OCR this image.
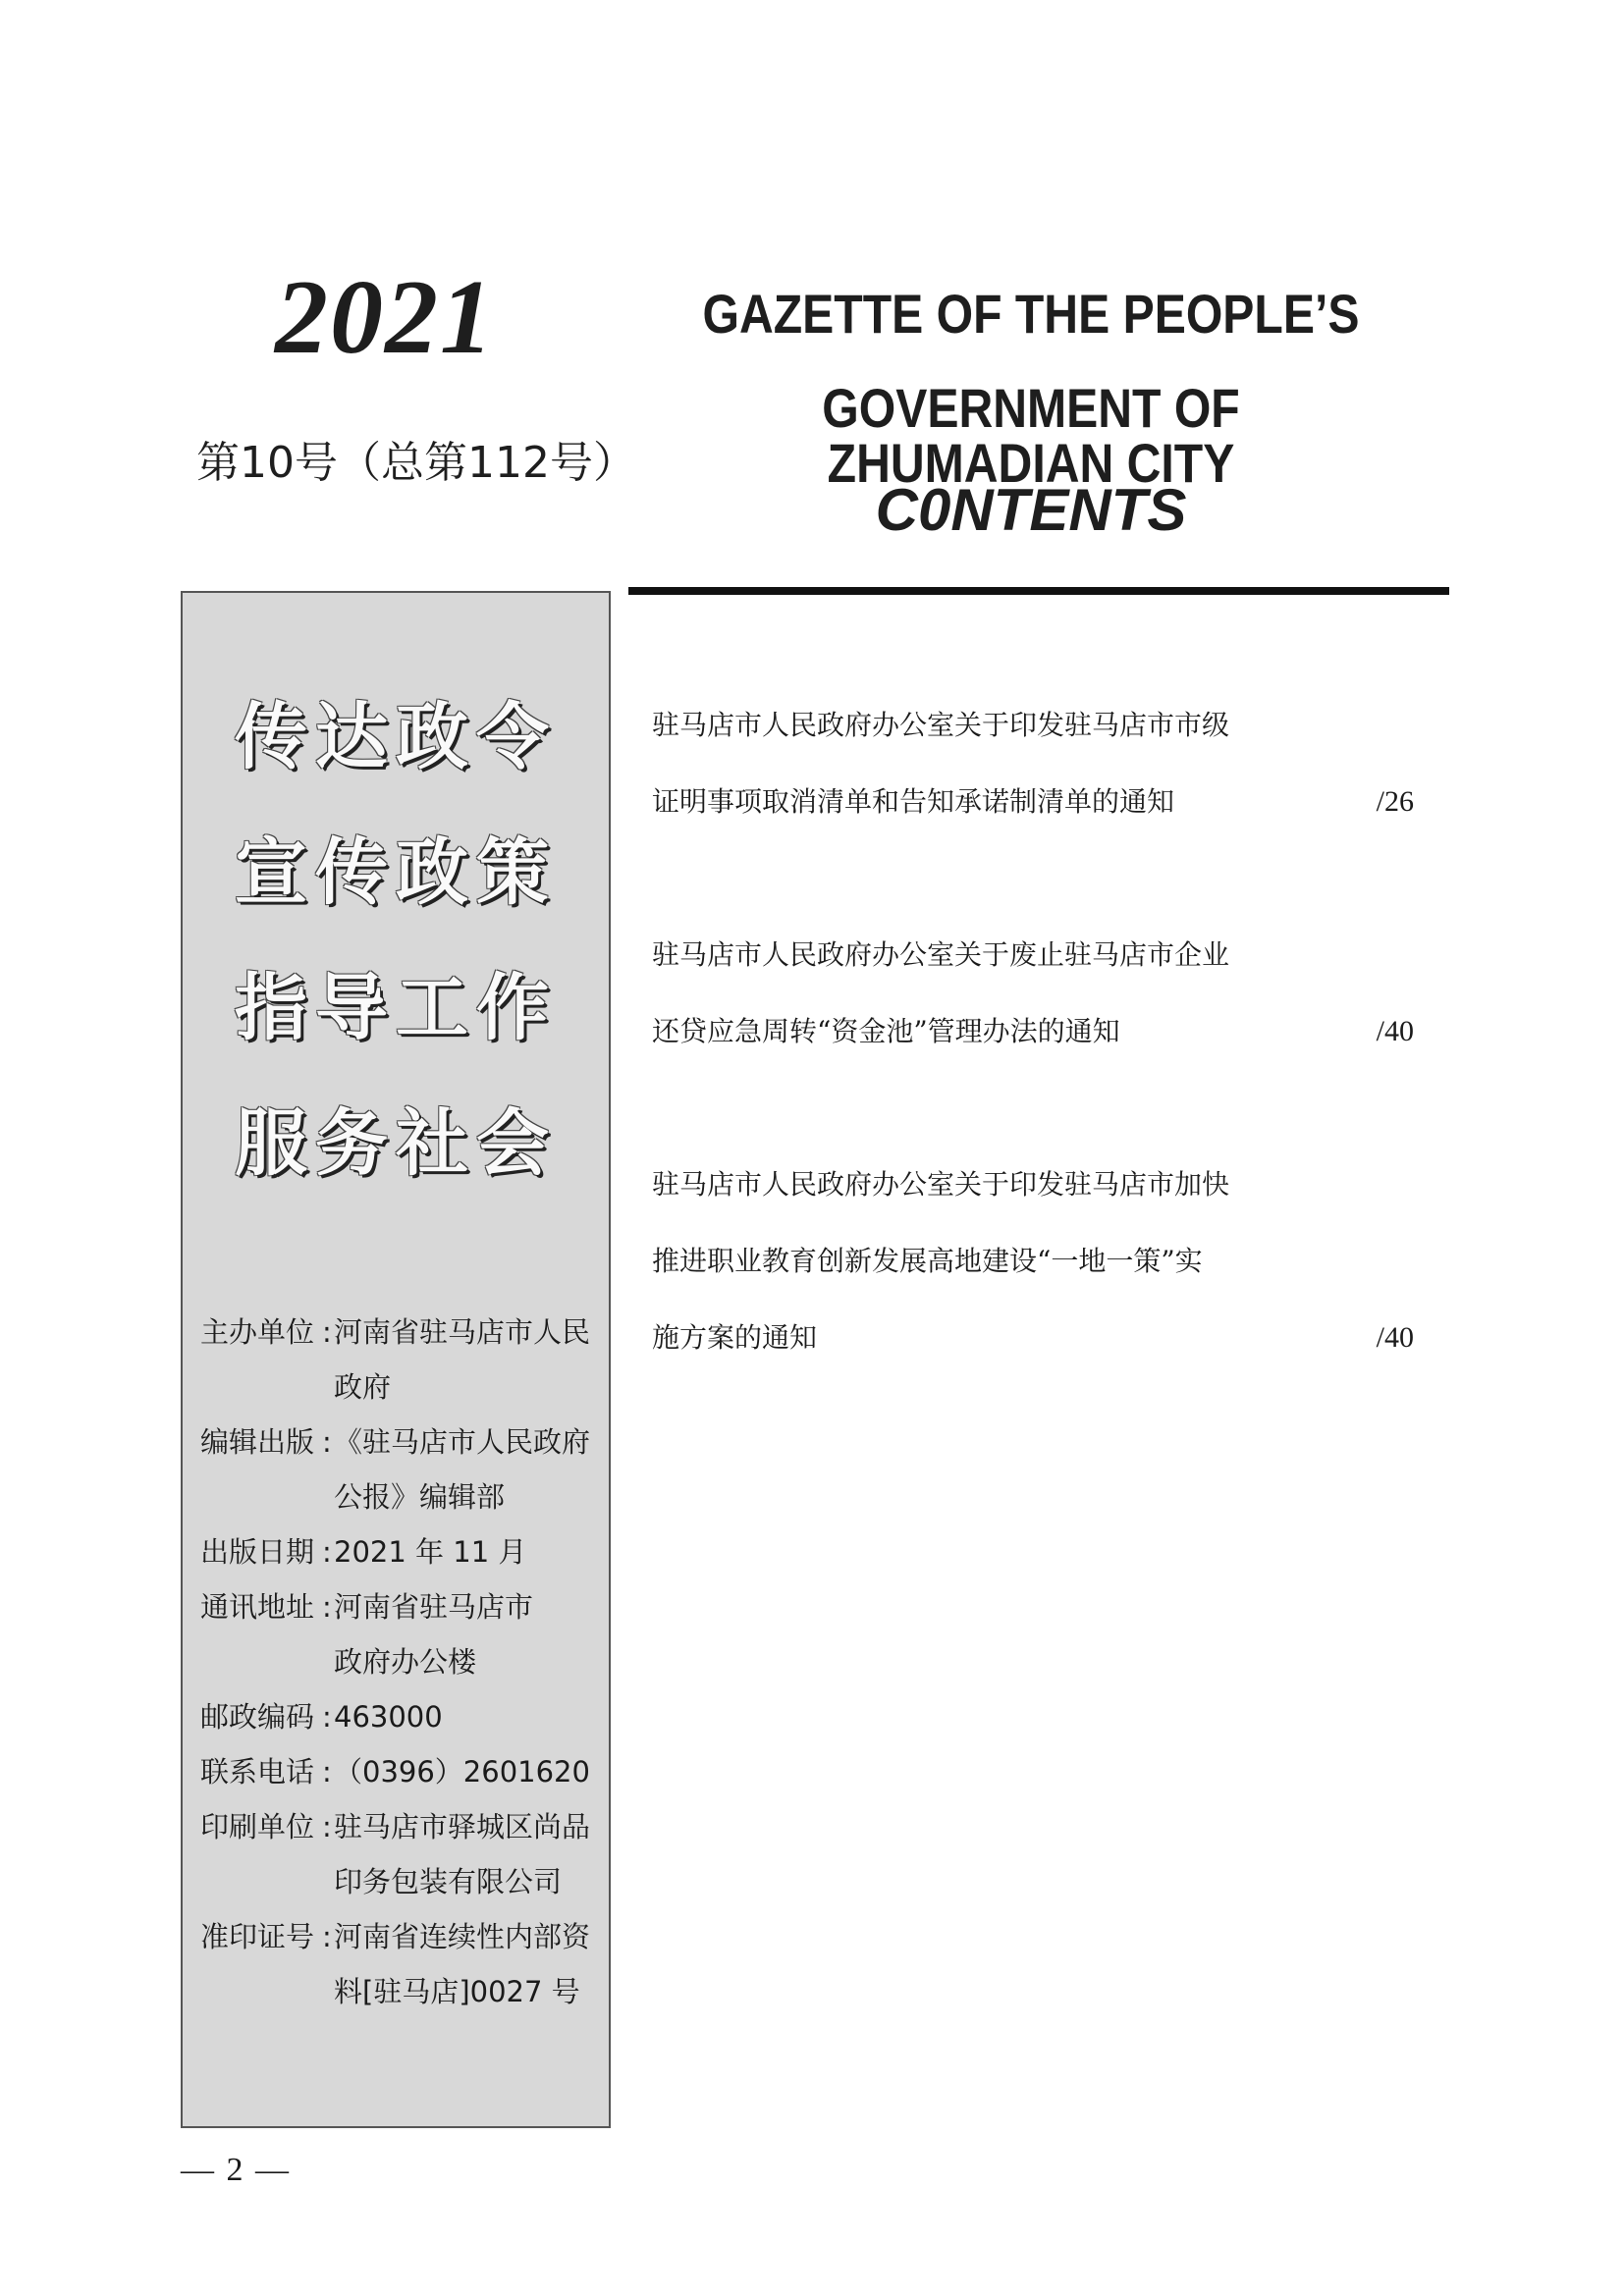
2021
第10号（总第112号）
GAZETTE OF THE PEOPLE’S
GOVERNMENT OF ZHUMADIAN CITY
C0NTENTS
传达政令
宣传政策
指导工作
服务社会
主办单位 : 河南省驻马店市人民
政府
编辑出版 : 《驻马店市人民政府
公报》编辑部
出版日期 : 2021 年 11 月
通讯地址 : 河南省驻马店市
政府办公楼
邮政编码 : 463000
联系电话 : （0396）2601620
印刷单位 : 驻马店市驿城区尚品
印务包装有限公司
准印证号 : 河南省连续性内部资
料[驻马店]0027 号
驻马店市人民政府办公室关于印发驻马店市市级
证明事项取消清单和告知承诺制清单的通知	/26
驻马店市人民政府办公室关于废止驻马店市企业
还贷应急周转“资金池”管理办法的通知	/40
驻马店市人民政府办公室关于印发驻马店市加快
推进职业教育创新发展高地建设“一地一策”实
施方案的通知	/40
— 2 —
